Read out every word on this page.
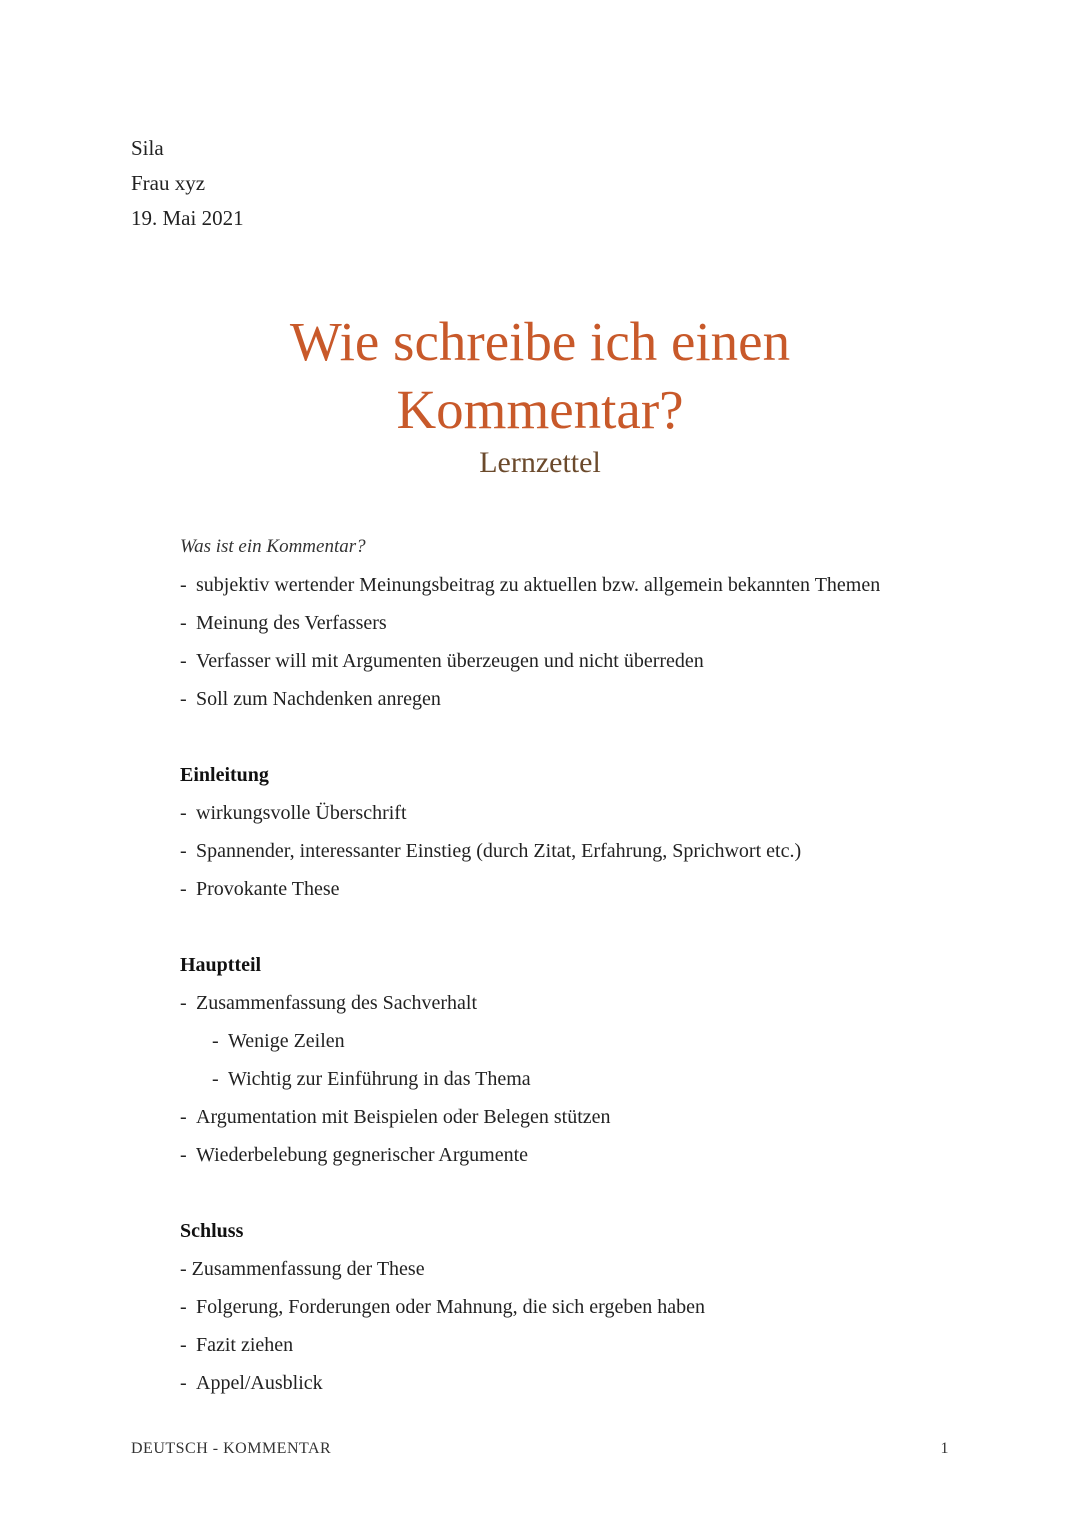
Sila
Frau xyz
19. Mai 2021
Wie schreibe ich einen
Kommentar?
Lernzettel
Was ist ein Kommentar?
- subjektiv wertender Meinungsbeitrag zu aktuellen bzw. allgemein bekannten Themen
- Meinung des Verfassers
- Verfasser will mit Argumenten überzeugen und nicht überreden
- Soll zum Nachdenken anregen
Einleitung
- wirkungsvolle Überschrift
- Spannender, interessanter Einstieg (durch Zitat, Erfahrung, Sprichwort etc.)
- Provokante These
Hauptteil
- Zusammenfassung des Sachverhalt
- Wenige Zeilen
- Wichtig zur Einführung in das Thema
- Argumentation mit Beispielen oder Belegen stützen
- Wiederbelebung gegnerischer Argumente
Schluss
- Zusammenfassung der These
- Folgerung, Forderungen oder Mahnung, die sich ergeben haben
- Fazit ziehen
- Appel/Ausblick
DEUTSCH - KOMMENTAR	1
